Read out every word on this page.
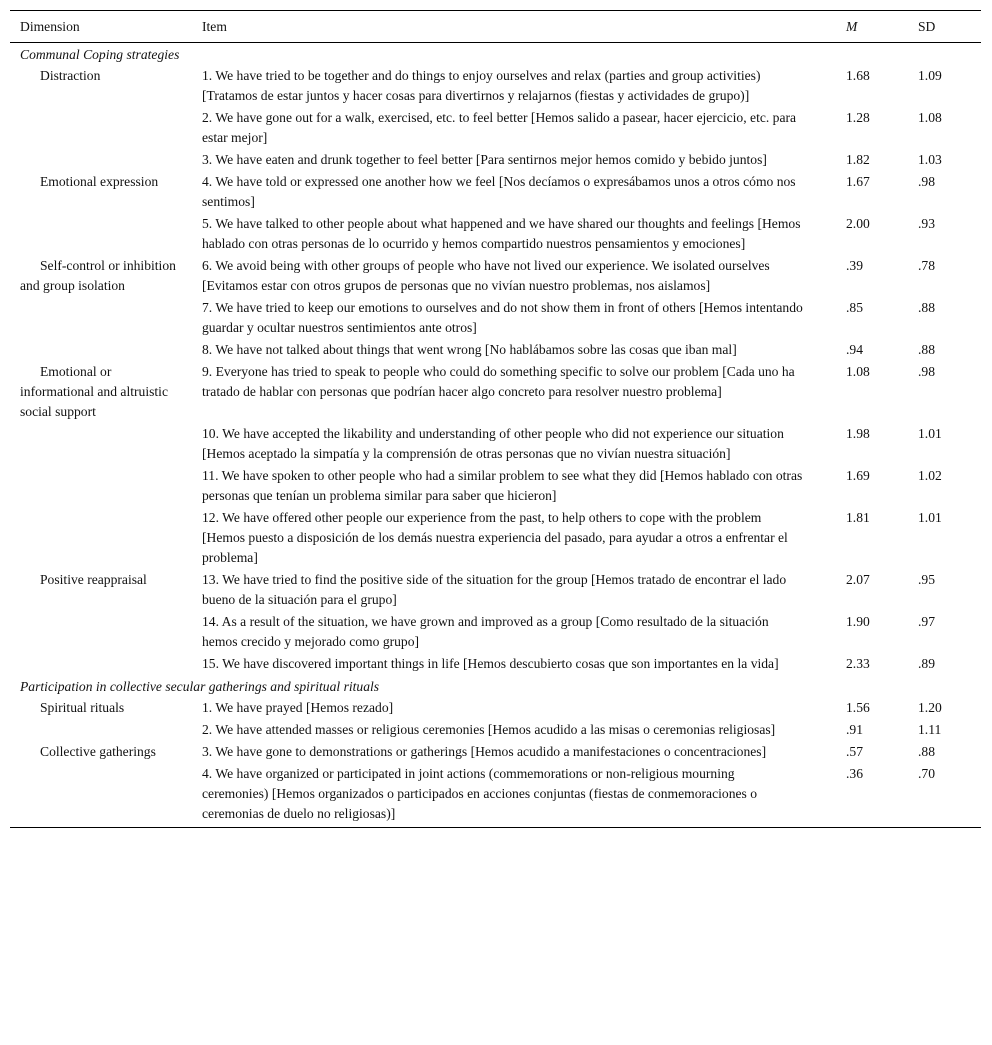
Dimension	Item	M	SD
Communal Coping strategies			
Distraction	1. We have tried to be together and do things to enjoy ourselves and relax (parties and group activities) [Tratamos de estar juntos y hacer cosas para divertirnos y relajarnos (fiestas y actividades de grupo)]	1.68	1.09
	2. We have gone out for a walk, exercised, etc. to feel better [Hemos salido a pasear, hacer ejercicio, etc. para estar mejor]	1.28	1.08
	3. We have eaten and drunk together to feel better [Para sentirnos mejor hemos comido y bebido juntos]	1.82	1.03
Emotional expression	4. We have told or expressed one another how we feel [Nos decíamos o expresábamos unos a otros cómo nos sentimos]	1.67	.98
	5. We have talked to other people about what happened and we have shared our thoughts and feelings [Hemos hablado con otras personas de lo ocurrido y hemos compartido nuestros pensamientos y emociones]	2.00	.93
Self-control or inhibition and group isolation	6. We avoid being with other groups of people who have not lived our experience. We isolated ourselves [Evitamos estar con otros grupos de personas que no vivían nuestro problemas, nos aislamos]	.39	.78
	7. We have tried to keep our emotions to ourselves and do not show them in front of others [Hemos intentando guardar y ocultar nuestros sentimientos ante otros]	.85	.88
	8. We have not talked about things that went wrong [No hablábamos sobre las cosas que iban mal]	.94	.88
Emotional or informational and altruistic social support	9. Everyone has tried to speak to people who could do something specific to solve our problem [Cada uno ha tratado de hablar con personas que podrían hacer algo concreto para resolver nuestro problema]	1.08	.98
	10. We have accepted the likability and understanding of other people who did not experience our situation [Hemos aceptado la simpatía y la comprensión de otras personas que no vivían nuestra situación]	1.98	1.01
	11. We have spoken to other people who had a similar problem to see what they did [Hemos hablado con otras personas que tenían un problema similar para saber que hicieron]	1.69	1.02
	12. We have offered other people our experience from the past, to help others to cope with the problem [Hemos puesto a disposición de los demás nuestra experiencia del pasado, para ayudar a otros a enfrentar el problema]	1.81	1.01
Positive reappraisal	13. We have tried to find the positive side of the situation for the group [Hemos tratado de encontrar el lado bueno de la situación para el grupo]	2.07	.95
	14. As a result of the situation, we have grown and improved as a group [Como resultado de la situación hemos crecido y mejorado como grupo]	1.90	.97
	15. We have discovered important things in life [Hemos descubierto cosas que son importantes en la vida]	2.33	.89
Participation in collective secular gatherings and spiritual rituals			
Spiritual rituals	1. We have prayed [Hemos rezado]	1.56	1.20
	2. We have attended masses or religious ceremonies [Hemos acudido a las misas o ceremonias religiosas]	.91	1.11
Collective gatherings	3. We have gone to demonstrations or gatherings [Hemos acudido a manifestaciones o concentraciones]	.57	.88
	4. We have organized or participated in joint actions (commemorations or non-religious mourning ceremonies) [Hemos organizados o participados en acciones conjuntas (fiestas de conmemoraciones o ceremonias de duelo no religiosas)]	.36	.70
